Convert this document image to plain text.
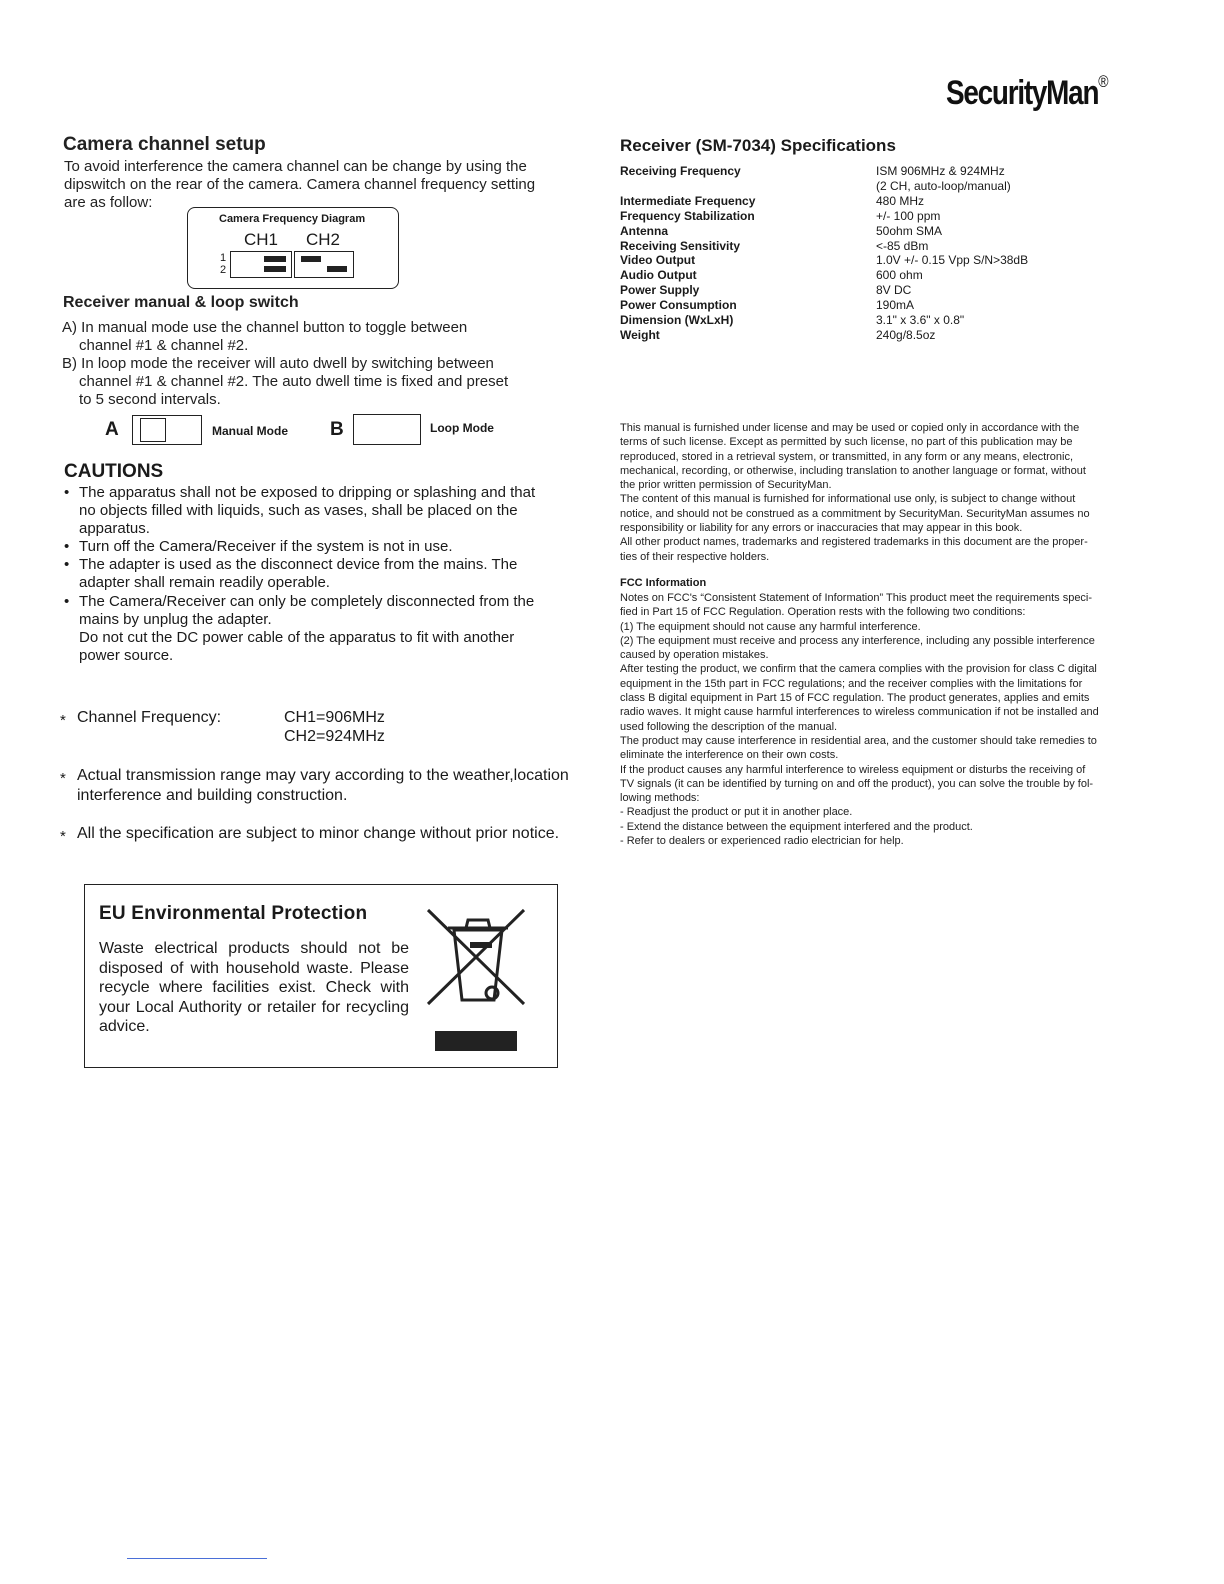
SecurityMan®
Camera channel setup
To avoid interference the camera channel can be change by using the
dipswitch on the rear of the camera. Camera channel frequency setting
are as follow:
Camera Frequency Diagram
CH1 CH2
1
2
Receiver manual & loop switch
A) In manual mode use the channel button to toggle between
channel #1 & channel #2.
B) In loop mode the receiver will auto dwell by switching between
channel #1 & channel #2. The auto dwell time is fixed and preset
to 5 second intervals.
A	Manual Mode B	Loop Mode
CAUTIONS
• The apparatus shall not be exposed to dripping or splashing and that
no objects filled with liquids, such as vases, shall be placed on the
apparatus.
• Turn off the Camera/Receiver if the system is not in use.
• The adapter is used as the disconnect device from the mains. The
adapter shall remain readily operable.
• The Camera/Receiver can only be completely disconnected from the
mains by unplug the adapter.
Do not cut the DC power cable of the apparatus to fit with another
power source.
* Channel Frequency:	CH1=906MHz
CH2=924MHz
* Actual transmission range may vary according to the weather,location
interference and building construction.
* All the specification are subject to minor change without prior notice.
EU Environmental Protection
Waste electrical products should not be disposed of with household waste. Please recycle where facilities exist. Check with your Local Authority or retailer for recycling advice.
Receiver (SM-7034) Specifications
Receiving Frequency	ISM 906MHz & 924MHz
(2 CH, auto-loop/manual)
Intermediate Frequency	480 MHz
Frequency Stabilization	+/- 100 ppm
Antenna	50ohm SMA
Receiving Sensitivity	<-85 dBm
Video Output	1.0V +/- 0.15 Vpp S/N>38dB
Audio Output	600 ohm
Power Supply	8V DC
Power Consumption	190mA
Dimension (WxLxH)	3.1" x 3.6" x 0.8"
Weight	240g/8.5oz
This manual is furnished under license and may be used or copied only in accordance with the
terms of such license. Except as permitted by such license, no part of this publication may be
reproduced, stored in a retrieval system, or transmitted, in any form or any means, electronic,
mechanical, recording, or otherwise, including translation to another language or format, without
the prior written permission of SecurityMan.
The content of this manual is furnished for informational use only, is subject to change without
notice, and should not be construed as a commitment by SecurityMan. SecurityMan assumes no
responsibility or liability for any errors or inaccuracies that may appear in this book.
All other product names, trademarks and registered trademarks in this document are the proper-
ties of their respective holders.
FCC Information
Notes on FCC's “Consistent Statement of Information” This product meet the requirements speci-
fied in Part 15 of FCC Regulation. Operation rests with the following two conditions:
(1) The equipment should not cause any harmful interference.
(2) The equipment must receive and process any interference, including any possible interference
caused by operation mistakes.
After testing the product, we confirm that the camera complies with the provision for class C digital
equipment in the 15th part in FCC regulations; and the receiver complies with the limitations for
class B digital equipment in Part 15 of FCC regulation. The product generates, applies and emits
radio waves. It might cause harmful interferences to wireless communication if not be installed and
used following the description of the manual.
The product may cause interference in residential area, and the customer should take remedies to
eliminate the interference on their own costs.
If the product causes any harmful interference to wireless equipment or disturbs the receiving of
TV signals (it can be identified by turning on and off the product), you can solve the trouble by fol-
lowing methods:
- Readjust the product or put it in another place.
- Extend the distance between the equipment interfered and the product.
- Refer to dealers or experienced radio electrician for help.
